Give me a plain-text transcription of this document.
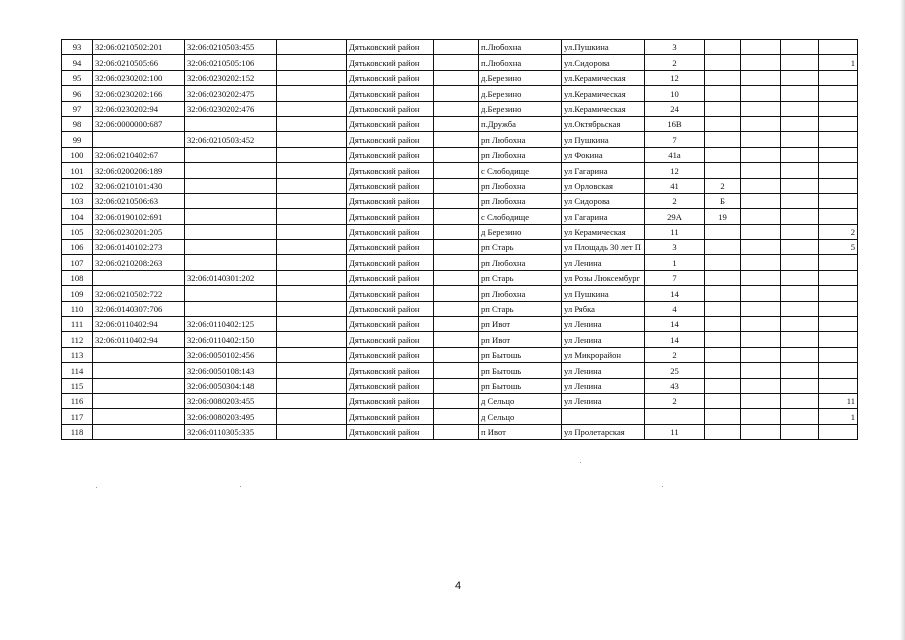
93	32:06:0210502:201	32:06:0210503:455		Дятьковский район		п.Любохна	ул.Пушкина	3				
94	32:06:0210505:66	32:06:0210505:106		Дятьковский район		п.Любохна	ул.Сидорова	2				1
95	32:06:0230202:100	32:06:0230202:152		Дятьковский район		д.Березино	ул.Керамическая	12				
96	32:06:0230202:166	32:06:0230202:475		Дятьковский район		д.Березино	ул.Керамическая	10				
97	32:06:0230202:94	32:06:0230202:476		Дятьковский район		д.Березино	ул.Керамическая	24				
98	32:06:0000000:687			Дятьковский район		п.Дружба	ул.Октябрьская	16В				
99		32:06:0210503:452		Дятьковский район		рп Любохна	ул Пушкина	7				
100	32:06:0210402:67			Дятьковский район		рп Любохна	ул Фокина	41а				
101	32:06:0200206:189			Дятьковский район		с Слободище	ул Гагарина	12				
102	32:06:0210101:430			Дятьковский район		рп Любохна	ул Орловская	41	2			
103	32:06:0210506:63			Дятьковский район		рп Любохна	ул Сидорова	2	Б			
104	32:06:0190102:691			Дятьковский район		с Слободище	ул Гагарина	29А	19			
105	32:06:0230201:205			Дятьковский район		д Березино	ул Керамическая	11				2
106	32:06:0140102:273			Дятьковский район		рп Старь	ул Площадь 30 лет П	3				5
107	32:06:0210208:263			Дятьковский район		рп Любохна	ул Ленина	1				
108		32:06:0140301:202		Дятьковский район		рп Старь	ул Розы Люксембург	7				
109	32:06:0210502:722			Дятьковский район		рп Любохна	ул Пушкина	14				
110	32:06:0140307:706			Дятьковский район		рп Старь	ул Рябка	4				
111	32:06:0110402:94	32:06:0110402:125		Дятьковский район		рп Ивот	ул Ленина	14				
112	32:06:0110402:94	32:06:0110402:150		Дятьковский район		рп Ивот	ул Ленина	14				
113		32:06:0050102:456		Дятьковский район		рп Бытошь	ул Микрорайон	2				
114		32:06:0050108:143		Дятьковский район		рп Бытошь	ул Ленина	25				
115		32:06:0050304:148		Дятьковский район		рп Бытошь	ул Ленина	43				
116		32:06:0080203:455		Дятьковский район		д Сельцо	ул Ленина	2				11
117		32:06:0080203:495		Дятьковский район		д Сельцо						1
118		32:06:0110305:335		Дятьковский район		п Ивот	ул Пролетарская	11				
4
